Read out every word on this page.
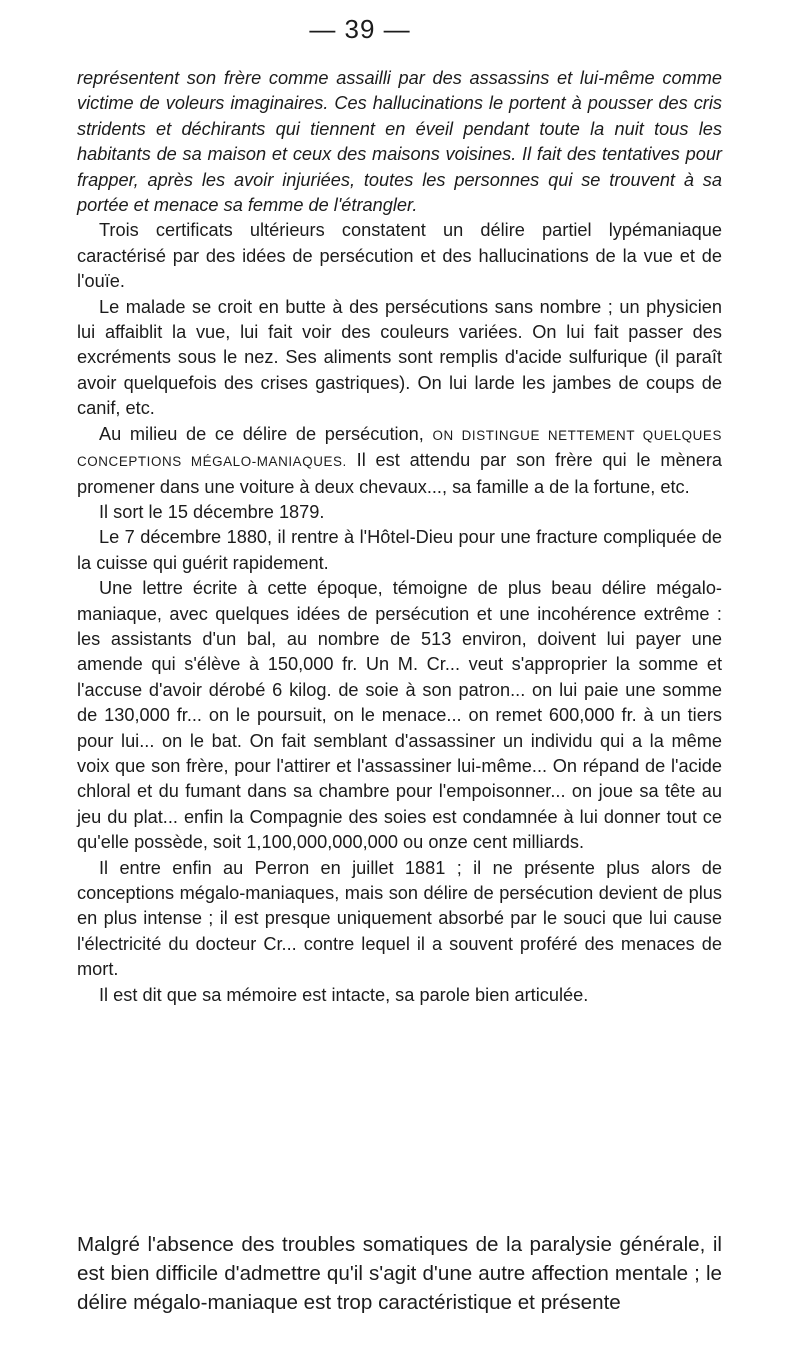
— 39 —

représentent son frère comme assailli par des assassins et lui-même comme victime de voleurs imaginaires. Ces hallucinations le portent à pousser des cris stridents et déchirants qui tiennent en éveil pendant toute la nuit tous les habitants de sa maison et ceux des maisons voisines. Il fait des tentatives pour frapper, après les avoir injuriées, toutes les personnes qui se trouvent à sa portée et menace sa femme de l'étrangler.

Trois certificats ultérieurs constatent un délire partiel lypémaniaque caractérisé par des idées de persécution et des hallucinations de la vue et de l'ouïe.

Le malade se croit en butte à des persécutions sans nombre ; un physicien lui affaiblit la vue, lui fait voir des couleurs variées. On lui fait passer des excréments sous le nez. Ses aliments sont remplis d'acide sulfurique (il paraît avoir quelquefois des crises gastriques). On lui larde les jambes de coups de canif, etc.

Au milieu de ce délire de persécution, ON DISTINGUE NETTEMENT QUELQUES CONCEPTIONS MÉGALO-MANIAQUES. Il est attendu par son frère qui le mènera promener dans une voiture à deux chevaux..., sa famille a de la fortune, etc.

Il sort le 15 décembre 1879.

Le 7 décembre 1880, il rentre à l'Hôtel-Dieu pour une fracture compliquée de la cuisse qui guérit rapidement.

Une lettre écrite à cette époque, témoigne de plus beau délire mégalo-maniaque, avec quelques idées de persécution et une incohérence extrême : les assistants d'un bal, au nombre de 513 environ, doivent lui payer une amende qui s'élève à 150,000 fr. Un M. Cr... veut s'approprier la somme et l'accuse d'avoir dérobé 6 kilog. de soie à son patron... on lui paie une somme de 130,000 fr... on le poursuit, on le menace... on remet 600,000 fr. à un tiers pour lui... on le bat. On fait semblant d'assassiner un individu qui a la même voix que son frère, pour l'attirer et l'assassiner lui-même... On répand de l'acide chloral et du fumant dans sa chambre pour l'empoisonner... on joue sa tête au jeu du plat... enfin la Compagnie des soies est condamnée à lui donner tout ce qu'elle possède, soit 1,100,000,000,000 ou onze cent milliards.

Il entre enfin au Perron en juillet 1881 ; il ne présente plus alors de conceptions mégalo-maniaques, mais son délire de persécution devient de plus en plus intense ; il est presque uniquement absorbé par le souci que lui cause l'électricité du docteur Cr... contre lequel il a souvent proféré des menaces de mort.

Il est dit que sa mémoire est intacte, sa parole bien articulée.

Malgré l'absence des troubles somatiques de la paralysie générale, il est bien difficile d'admettre qu'il s'agit d'une autre affection mentale ; le délire mégalo-maniaque est trop caractéristique et présente
